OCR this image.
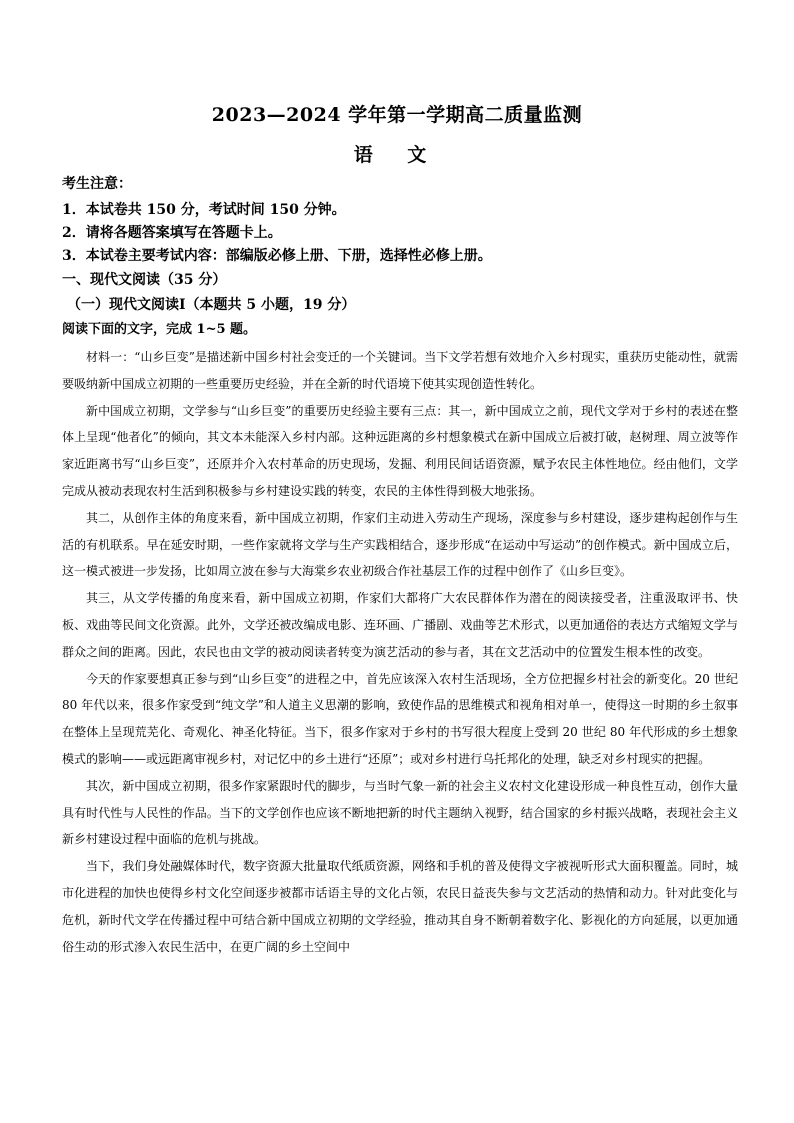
2023—2024 学年第一学期高二质量监测
语 文
考生注意：
1．本试卷共 150 分，考试时间 150 分钟。
2．请将各题答案填写在答题卡上。
3．本试卷主要考试内容：部编版必修上册、下册，选择性必修上册。
一、现代文阅读（35 分）
（一）现代文阅读Ⅰ（本题共 5 小题，19 分）
阅读下面的文字，完成 1~5 题。

材料一：“山乡巨变”是描述新中国乡村社会变迁的一个关键词。当下文学若想有效地介入乡村现实，重获历史能动性，就需要吸纳新中国成立初期的一些重要历史经验，并在全新的时代语境下使其实现创造性转化。

新中国成立初期，文学参与“山乡巨变”的重要历史经验主要有三点：其一，新中国成立之前，现代文学对于乡村的表述在整体上呈现“他者化”的倾向，其文本未能深入乡村内部。这种远距离的乡村想象模式在新中国成立后被打破，赵树理、周立波等作家近距离书写“山乡巨变”，还原并介入农村革命的历史现场，发掘、利用民间话语资源，赋予农民主体性地位。经由他们，文学完成从被动表现农村生活到积极参与乡村建设实践的转变，农民的主体性得到极大地张扬。

其二，从创作主体的角度来看，新中国成立初期，作家们主动进入劳动生产现场，深度参与乡村建设，逐步建构起创作与生活的有机联系。早在延安时期，一些作家就将文学与生产实践相结合，逐步形成“在运动中写运动”的创作模式。新中国成立后，这一模式被进一步发扬，比如周立波在参与大海棠乡农业初级合作社基层工作的过程中创作了《山乡巨变》。

其三，从文学传播的角度来看，新中国成立初期，作家们大都将广大农民群体作为潜在的阅读接受者，注重汲取评书、快板、戏曲等民间文化资源。此外，文学还被改编成电影、连环画、广播剧、戏曲等艺术形式，以更加通俗的表达方式缩短文学与群众之间的距离。因此，农民也由文学的被动阅读者转变为演艺活动的参与者，其在文艺活动中的位置发生根本性的改变。

今天的作家要想真正参与到“山乡巨变”的进程之中，首先应该深入农村生活现场，全方位把握乡村社会的新变化。20 世纪 80 年代以来，很多作家受到“纯文学”和人道主义思潮的影响，致使作品的思维模式和视角相对单一，使得这一时期的乡土叙事在整体上呈现荒芜化、奇观化、神圣化特征。当下，很多作家对于乡村的书写很大程度上受到 20 世纪 80 年代形成的乡土想象模式的影响——或远距离审视乡村，对记忆中的乡土进行“还原”；或对乡村进行乌托邦化的处理，缺乏对乡村现实的把握。

其次，新中国成立初期，很多作家紧跟时代的脚步，与当时气象一新的社会主义农村文化建设形成一种良性互动，创作大量具有时代性与人民性的作品。当下的文学创作也应该不断地把新的时代主题纳入视野，结合国家的乡村振兴战略，表现社会主义新乡村建设过程中面临的危机与挑战。

当下，我们身处融媒体时代，数字资源大批量取代纸质资源，网络和手机的普及使得文字被视听形式大面积覆盖。同时，城市化进程的加快也使得乡村文化空间逐步被都市话语主导的文化占领，农民日益丧失参与文艺活动的热情和动力。针对此变化与危机，新时代文学在传播过程中可结合新中国成立初期的文学经验，推动其自身不断朝着数字化、影视化的方向延展，以更加通俗生动的形式渗入农民生活中，在更广阔的乡土空间中
